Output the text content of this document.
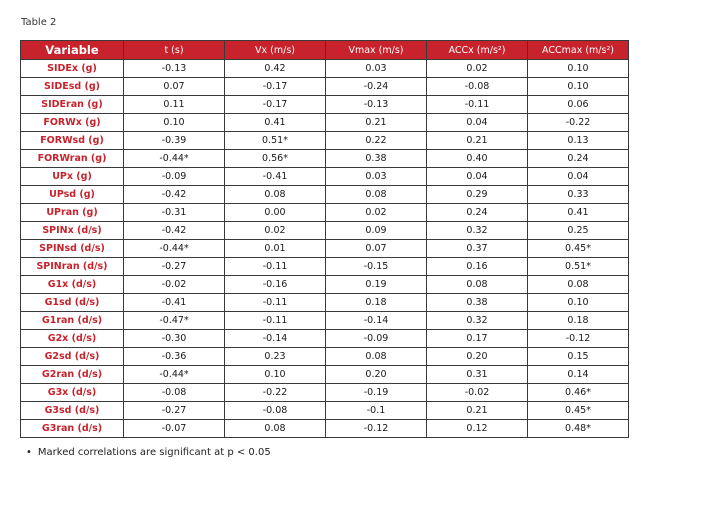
Table 2
Variable	t (s)	Vx (m/s)	Vmax (m/s)	ACCx (m/s²)	ACCmax (m/s²)
SIDEx (g)	-0.13	0.42	0.03	0.02	0.10
SIDEsd (g)	0.07	-0.17	-0.24	-0.08	0.10
SIDEran (g)	0.11	-0.17	-0.13	-0.11	0.06
FORWx (g)	0.10	0.41	0.21	0.04	-0.22
FORWsd (g)	-0.39	0.51*	0.22	0.21	0.13
FORWran (g)	-0.44*	0.56*	0.38	0.40	0.24
UPx (g)	-0.09	-0.41	0.03	0.04	0.04
UPsd (g)	-0.42	0.08	0.08	0.29	0.33
UPran (g)	-0.31	0.00	0.02	0.24	0.41
SPINx (d/s)	-0.42	0.02	0.09	0.32	0.25
SPINsd (d/s)	-0.44*	0.01	0.07	0.37	0.45*
SPINran (d/s)	-0.27	-0.11	-0.15	0.16	0.51*
G1x (d/s)	-0.02	-0.16	0.19	0.08	0.08
G1sd (d/s)	-0.41	-0.11	0.18	0.38	0.10
G1ran (d/s)	-0.47*	-0.11	-0.14	0.32	0.18
G2x (d/s)	-0.30	-0.14	-0.09	0.17	-0.12
G2sd (d/s)	-0.36	0.23	0.08	0.20	0.15
G2ran (d/s)	-0.44*	0.10	0.20	0.31	0.14
G3x (d/s)	-0.08	-0.22	-0.19	-0.02	0.46*
G3sd (d/s)	-0.27	-0.08	-0.1	0.21	0.45*
G3ran (d/s)	-0.07	0.08	-0.12	0.12	0.48*
• Marked correlations are significant at p < 0.05
